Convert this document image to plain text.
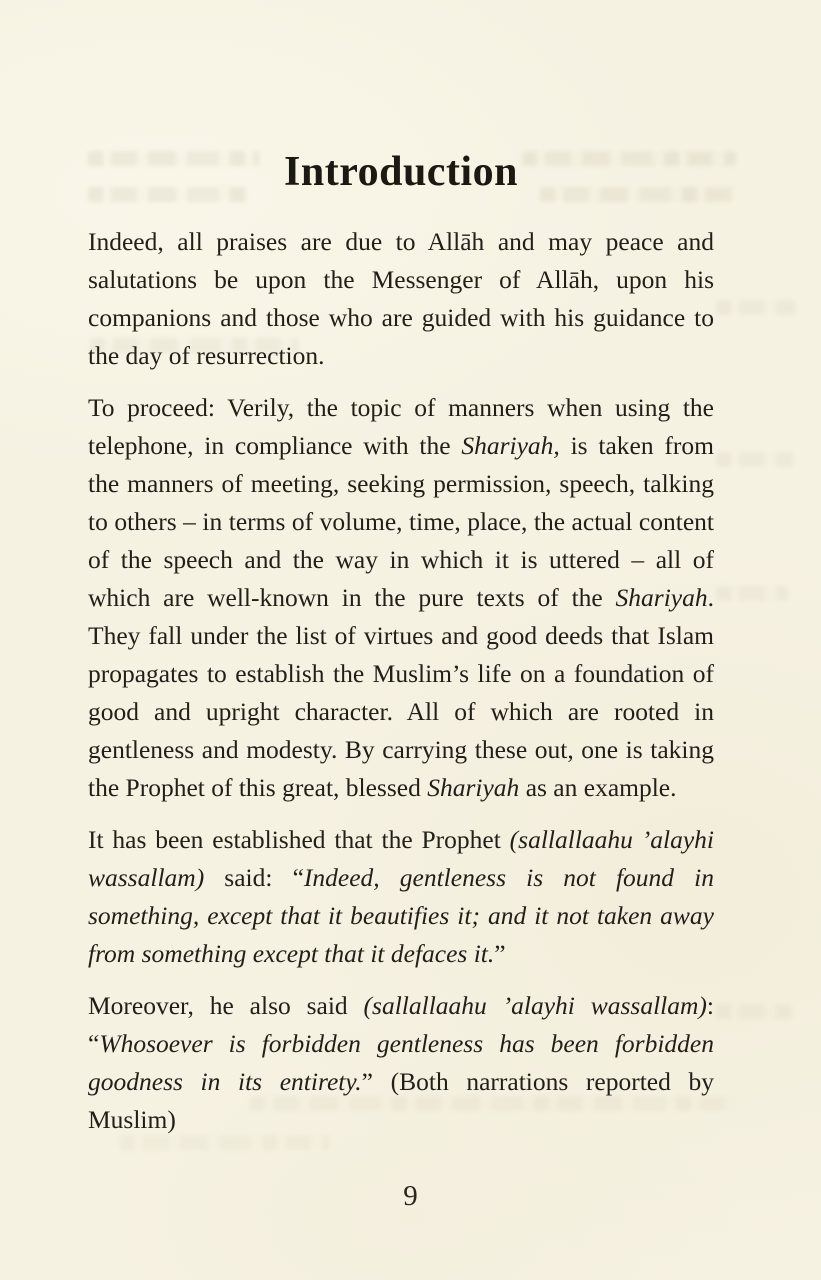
Introduction

Indeed, all praises are due to Allāh and may peace and salutations be upon the Messenger of Allāh, upon his companions and those who are guided with his guidance to the day of resurrection.

To proceed: Verily, the topic of manners when using the telephone, in compliance with the Shariyah, is taken from the manners of meeting, seeking permission, speech, talking to others – in terms of volume, time, place, the actual content of the speech and the way in which it is uttered – all of which are well-known in the pure texts of the Shariyah. They fall under the list of virtues and good deeds that Islam propagates to establish the Muslim’s life on a foundation of good and upright character. All of which are rooted in gentleness and modesty. By carrying these out, one is taking the Prophet of this great, blessed Shariyah as an example.

It has been established that the Prophet (sallallaahu ’alayhi wassallam) said: “Indeed, gentleness is not found in something, except that it beautifies it; and it not taken away from something except that it defaces it.”

Moreover, he also said (sallallaahu ’alayhi wassallam): “Whosoever is forbidden gentleness has been forbidden goodness in its entirety.” (Both narrations reported by Muslim)

9
